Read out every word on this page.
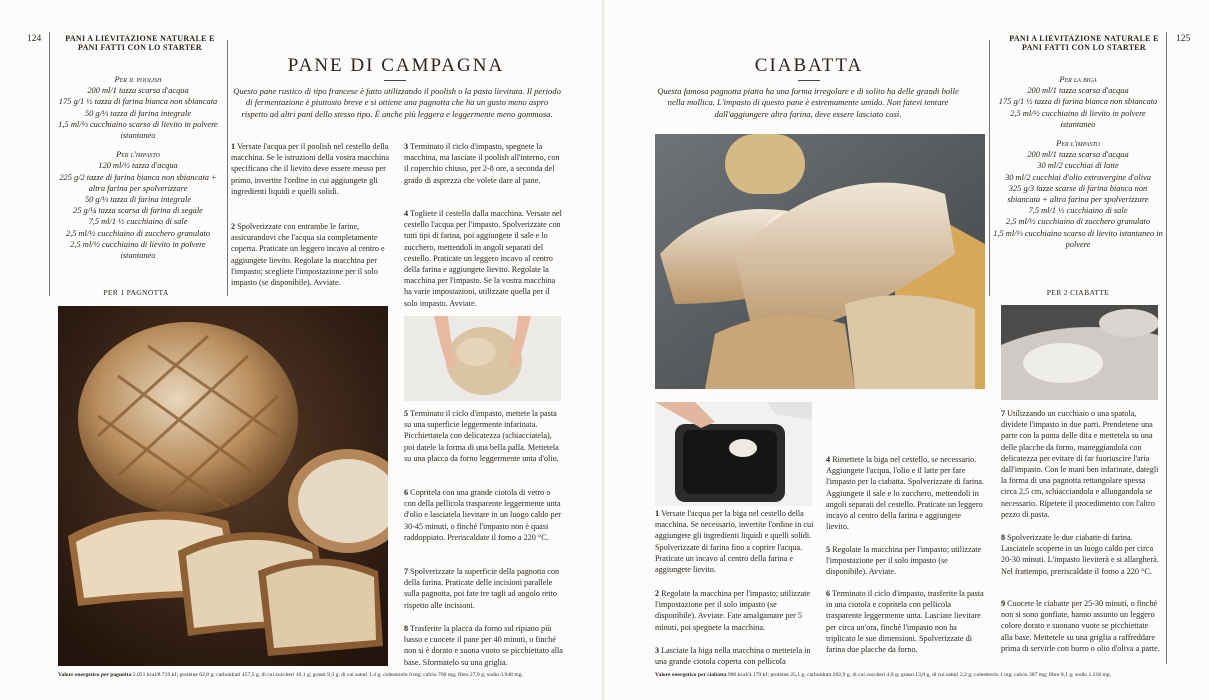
124	PANI A LIEVITAZIONE NATURALE E PANI FATTI CON LO STARTER
Per il poolish
200 ml/1 tazza scarsa d'acqua
175 g/1 ½ tazza di farina bianca non sbiancata
50 g/⅓ tazza di farina integrale
1,5 ml/⅓ cucchiaino scarso di lievito in polvere istantaneo
Per l'impasto
120 ml/½ tazza d'acqua
225 g/2 tazze di farina bianca non sbiancata + altra farina per spolverizzare
50 g/⅓ tazza di farina integrale
25 g/¼ tazza scarsa di farina di segale
7,5 ml/1 ½ cucchiaino di sale
2,5 ml/½ cucchiaino di zucchero granulato
2,5 ml/½ cucchiaino di lievito in polvere istantaneo
PER 1 PAGNOTTA
PANE DI CAMPAGNA
Questo pane rustico di tipo francese è fatto utilizzando il poolish o la pasta lievitata. Il periodo di fermentazione è piuttosto breve e si ottiene una pagnotta che ha un gusto meno aspro rispetto ad altri pani dello stesso tipo. È anche più leggera e leggermente meno gommosa.
1 Versate l'acqua per il poolish nel cestello della macchina. Se le istruzioni della vostra macchina specificano che il lievito deve essere messo per primo, invertite l'ordine in cui aggiungete gli ingredienti liquidi e quelli solidi.
2 Spolverizzate con entrambe le farine, assicurandovi che l'acqua sia completamente coperta. Praticate un leggero incavo al centro e aggiungete lievito. Regolate la macchina per l'impasto; scegliete l'impostazione per il solo impasto (se disponibile). Avviate.
3 Terminato il ciclo d'impasto, spegnete la macchina, ma lasciate il poolish all'interno, con il coperchio chiuso, per 2-8 ore, a seconda del grado di asprezza che volete dare al pane.
4 Togliete il cestello dalla macchina. Versate nel cestello l'acqua per l'impasto. Spolverizzate con tutti tipi di farina, poi aggiungete il sale e lo zucchero, mettendoli in angoli separati del cestello. Praticate un leggero incavo al centro della farina e aggiungete lievito. Regolate la macchina per l'impasto. Se la vostra macchina ha varie impostazioni, utilizzate quella per il solo impasto. Avviate.
5 Terminato il ciclo d'impasto, mettete la pasta su una superficie leggermente infarinata. Picchiettatela con delicatezza (schiacciatela), poi datele la forma di una bella palla. Mettetela su una placca da forno leggermente unta d'olio.
6 Copritela con una grande ciotola di vetro o con della pellicola trasparente leggermente unta d'olio e lasciatela lievitare in un luogo caldo per 30-45 minuti, o finché l'impasto non è quasi raddoppiato. Preriscaldate il forno a 220 °C.
7 Spolverizzate la superficie della pagnotta con della farina. Praticate delle incisioni parallele sulla pagnotta, poi fate tre tagli ad angolo retto rispetto alle incisioni.
8 Trasferite la placca da forno sul ripiano più basso e cuocete il pane per 40 minuti, o finché non si è dorato e suona vuoto se picchiettato alla base. Sformatelo su una griglia.
Valore energetico per pagnotta 2.051 kcal/8.719 kJ; proteine 62,8 g; carboidrati 457,3 g, di cui zuccheri 10,1 g; grassi 9,3 g, di cui saturi 1,4 g; colesterolo 0 mg; calcio 700 mg; fibre 27,9 g; sodio 3.948 mg.
CIABATTA
Questa famosa pagnotta piatta ha una forma irregolare e di solito ha delle grandi bolle nella mollica. L'impasto di questo pane è estremamente umido. Non fatevi tentare dall'aggiungere altra farina, deve essere lasciato così.
PANI A LIEVITAZIONE NATURALE E PANI FATTI CON LO STARTER
125
Per la biga
200 ml/1 tazza scarsa d'acqua
175 g/1 ½ tazza di farina bianca non sbiancata
2,5 ml/½ cucchiaino di lievito in polvere istantaneo
Per l'impasto
200 ml/1 tazza scarsa d'acqua
30 ml/2 cucchiai di latte
30 ml/2 cucchiai d'olio extravergine d'oliva
325 g/3 tazze scarse di farina bianca non sbiancata + altra farina per spolverizzare
7,5 ml/1 ½ cucchiaino di sale
2,5 ml/½ cucchiaino di zucchero granulato
1,5 ml/⅓ cucchiaino scarso di lievito istantaneo in polvere
PER 2 CIABATTE
1 Versate l'acqua per la biga nel cestello della macchina. Se necessario, invertite l'ordine in cui aggiungete gli ingredienti liquidi e quelli solidi. Spolverizzate di farina fino a coprire l'acqua. Praticate un incavo al centro della farina e aggiungete lievito.
2 Regolate la macchina per l'impasto; utilizzate l'impostazione per il solo impasto (se disponibile). Avviate. Fate amalgamare per 5 minuti, poi spegnete la macchina.
3 Lasciate la biga nella macchina o mettetela in una grande ciotola coperta con pellicola
4 Rimettete la biga nel cestello, se necessario. Aggiungete l'acqua, l'olio e il latte per fare l'impasto per la ciabatta. Spolverizzate di farina. Aggiungete il sale e lo zucchero, mettendoli in angoli separati del cestello. Praticate un leggero incavo al centro della farina e aggiungete lievito.
5 Regolate la macchina per l'impasto; utilizzate l'impostazione per il solo impasto (se disponibile). Avviate.
6 Terminato il ciclo d'impasto, trasferite la pasta in una ciotola e copritela con pellicola trasparente leggermente unta. Lasciate lievitare per circa un'ora, finché l'impasto non ha triplicato le sue dimensioni. Spolverizzate di farina due placche da forno.
7 Utilizzando un cucchiaio o una spatola, dividete l'impasto in due parti. Prendetene una parte con la punta delle dita e mettetela su una delle placche da forno, maneggiandola con delicatezza per evitare di far fuoriuscire l'aria dall'impasto. Con le mani ben infarinate, dategli la forma di una pagnotta rettangolare spessa circa 2,5 cm, schiacciandola e allungandola se necessario. Ripetete il procedimento con l'altro pezzo di pasta.
8 Spolverizzate le due ciabatte di farina. Lasciatele scoperte in un luogo caldo per circa 20-30 minuti. L'impasto lieviterà e si allargherà. Nel frattempo, preriscaldate il forno a 220 °C.
9 Cuocete le ciabatte per 25-30 minuti, o finché non si sono gonfiate, hanno assunto un leggero colore dorato e suonano vuote se picchiettate alla base. Mettetele su una griglia a raffreddare prima di servirle con burro o olio d'oliva a parte.
Valore energetico per ciabatta 986 kcal/4.179 kJ; proteine 25,1 g; carboidrati 202,9 g, di cui zuccheri 4,8 g; grassi 13,8 g, di cui saturi 2,2 g; colesterolo 1 mg; calcio 387 mg; fibre 8,1 g; sodio 1.218 mg.
